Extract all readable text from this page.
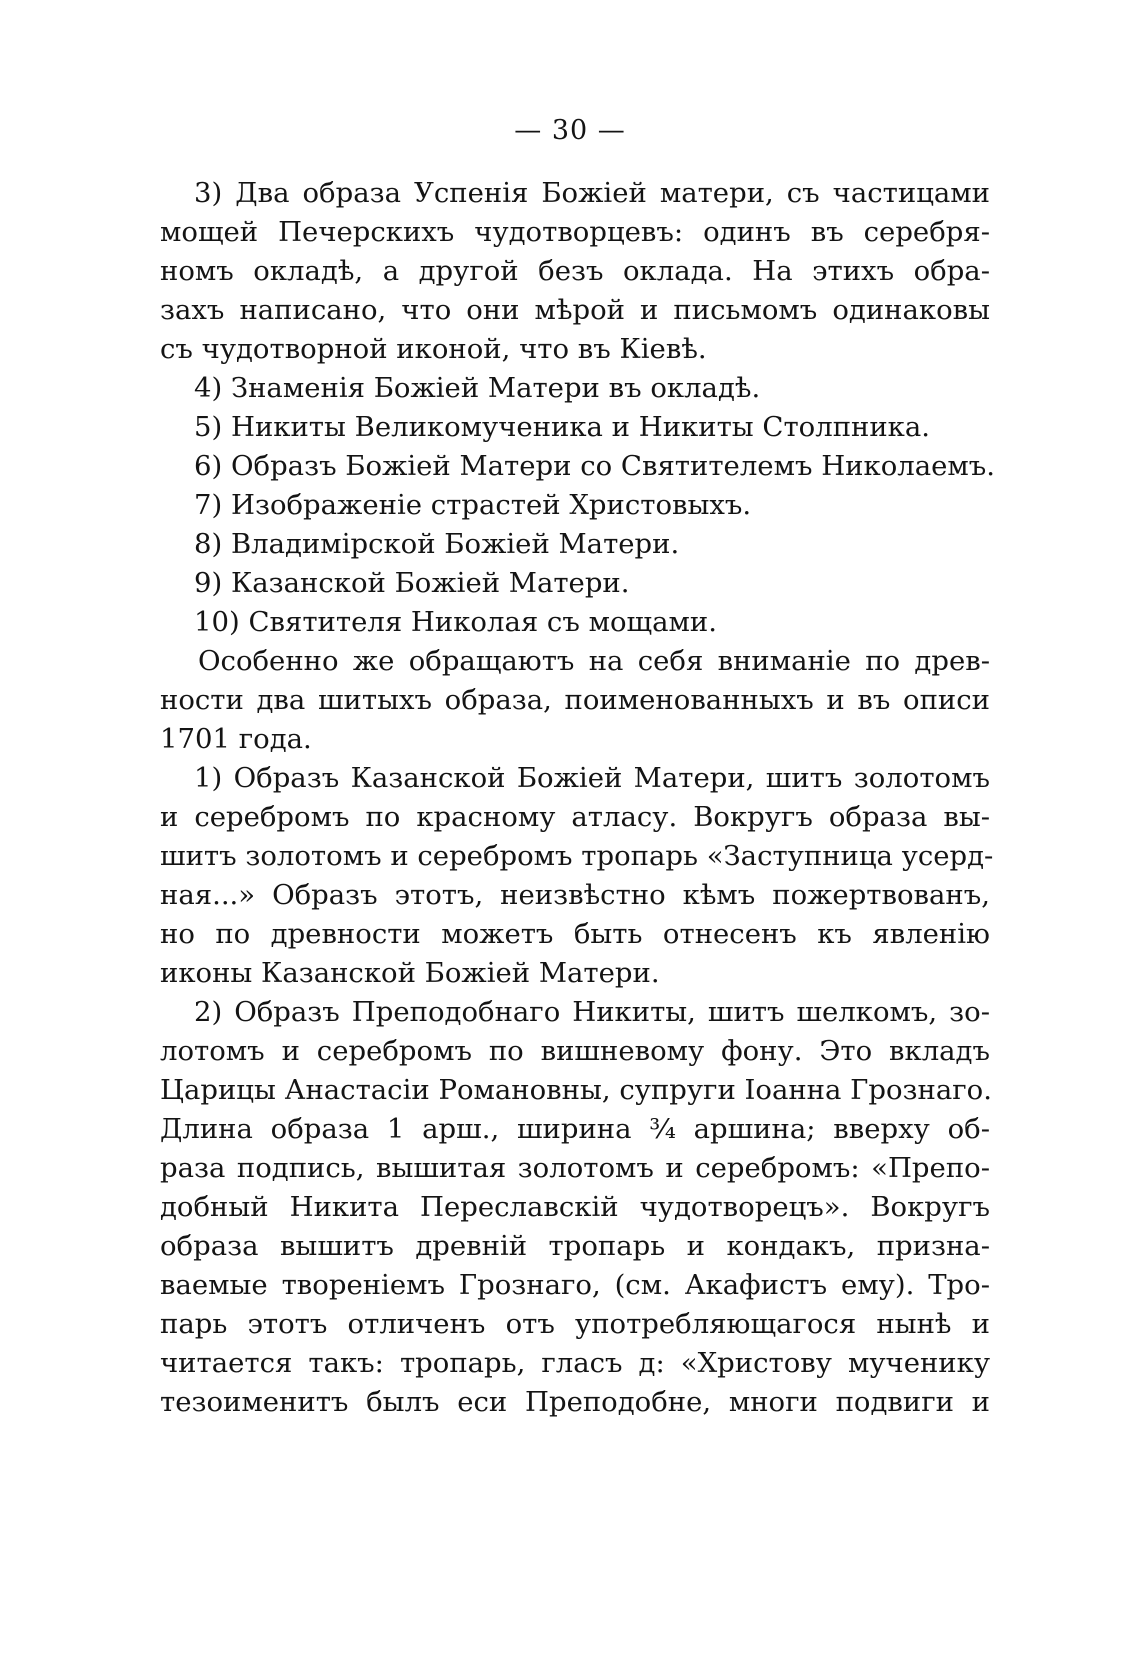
— 30 —
3) Два образа Успенія Божіей матери, съ частицами
мощей Печерскихъ чудотворцевъ: одинъ въ серебря-
номъ окладѣ, а другой безъ оклада. На этихъ обра-
захъ написано, что они мѣрой и письмомъ одинаковы
съ чудотворной иконой, что въ Кіевѣ.
4) Знаменія Божіей Матери въ окладѣ.
5) Никиты Великомученика и Никиты Столпника.
6) Образъ Божіей Матери со Святителемъ Николаемъ.
7) Изображеніе страстей Христовыхъ.
8) Владимірской Божіей Матери.
9) Казанской Божіей Матери.
10) Святителя Николая съ мощами.
Особенно же обращаютъ на себя вниманіе по древ-
ности два шитыхъ образа, поименованныхъ и въ описи
1701 года.
1) Образъ Казанской Божіей Матери, шитъ золотомъ
и серебромъ по красному атласу. Вокругъ образа вы-
шитъ золотомъ и серебромъ тропарь «Заступница усерд-
ная...» Образъ этотъ, неизвѣстно кѣмъ пожертвованъ,
но по древности можетъ быть отнесенъ къ явленію
иконы Казанской Божіей Матери.
2) Образъ Преподобнаго Никиты, шитъ шелкомъ, зо-
лотомъ и серебромъ по вишневому фону. Это вкладъ
Царицы Анастасіи Романовны, супруги Іоанна Грознаго.
Длина образа 1 арш., ширина ¾ аршина; вверху об-
раза подпись, вышитая золотомъ и серебромъ: «Препо-
добный Никита Переславскій чудотворецъ». Вокругъ
образа вышитъ древній тропарь и кондакъ, призна-
ваемые твореніемъ Грознаго, (см. Акафистъ ему). Тро-
парь этотъ отличенъ отъ употребляющагося нынѣ и
читается такъ: тропарь, гласъ д: «Христову мученику
тезоименитъ былъ еси Преподобне, многи подвиги и
